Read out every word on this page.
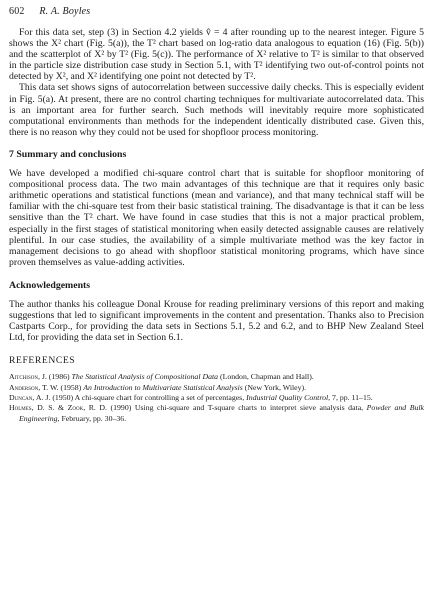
602 R. A. Boyles

For this data set, step (3) in Section 4.2 yields v̂ = 4 after rounding up to the nearest integer. Figure 5 shows the X² chart (Fig. 5(a)), the T² chart based on log-ratio data analogous to equation (16) (Fig. 5(b)) and the scatterplot of X² by T² (Fig. 5(c)). The performance of X² relative to T² is similar to that observed in the particle size distribution case study in Section 5.1, with T² identifying two out-of-control points not detected by X², and X² identifying one point not detected by T².

This data set shows signs of autocorrelation between successive daily checks. This is especially evident in Fig. 5(a). At present, there are no control charting techniques for multivariate autocorrelated data. This is an important area for further search. Such methods will inevitably require more sophisticated computational environments than methods for the independent identically distributed case. Given this, there is no reason why they could not be used for shopfloor process monitoring.

7 Summary and conclusions

We have developed a modified chi-square control chart that is suitable for shopfloor monitoring of compositional process data. The two main advantages of this technique are that it requires only basic arithmetic operations and statistical functions (mean and variance), and that many technical staff will be familiar with the chi-square test from their basic statistical training. The disadvantage is that it can be less sensitive than the T² chart. We have found in case studies that this is not a major practical problem, especially in the first stages of statistical monitoring when easily detected assignable causes are relatively plentiful. In our case studies, the availability of a simple multivariate method was the key factor in management decisions to go ahead with shopfloor statistical monitoring programs, which have since proven themselves as value-adding activities.

Acknowledgements

The author thanks his colleague Donal Krouse for reading preliminary versions of this report and making suggestions that led to significant improvements in the content and presentation. Thanks also to Precision Castparts Corp., for providing the data sets in Sections 5.1, 5.2 and 6.2, and to BHP New Zealand Steel Ltd, for providing the data set in Section 6.1.

REFERENCES
Aitchison, J. (1986) The Statistical Analysis of Compositional Data (London, Chapman and Hall).
Anderson, T. W. (1958) An Introduction to Multivariate Statistical Analysis (New York, Wiley).
Duncan, A. J. (1950) A chi-square chart for controlling a set of percentages, Industrial Quality Control, 7, pp. 11–15.
Holmes, D. S. & Zook, R. D. (1990) Using chi-square and T-square charts to interpret sieve analysis data, Powder and Bulk Engineering, February, pp. 30–36.
